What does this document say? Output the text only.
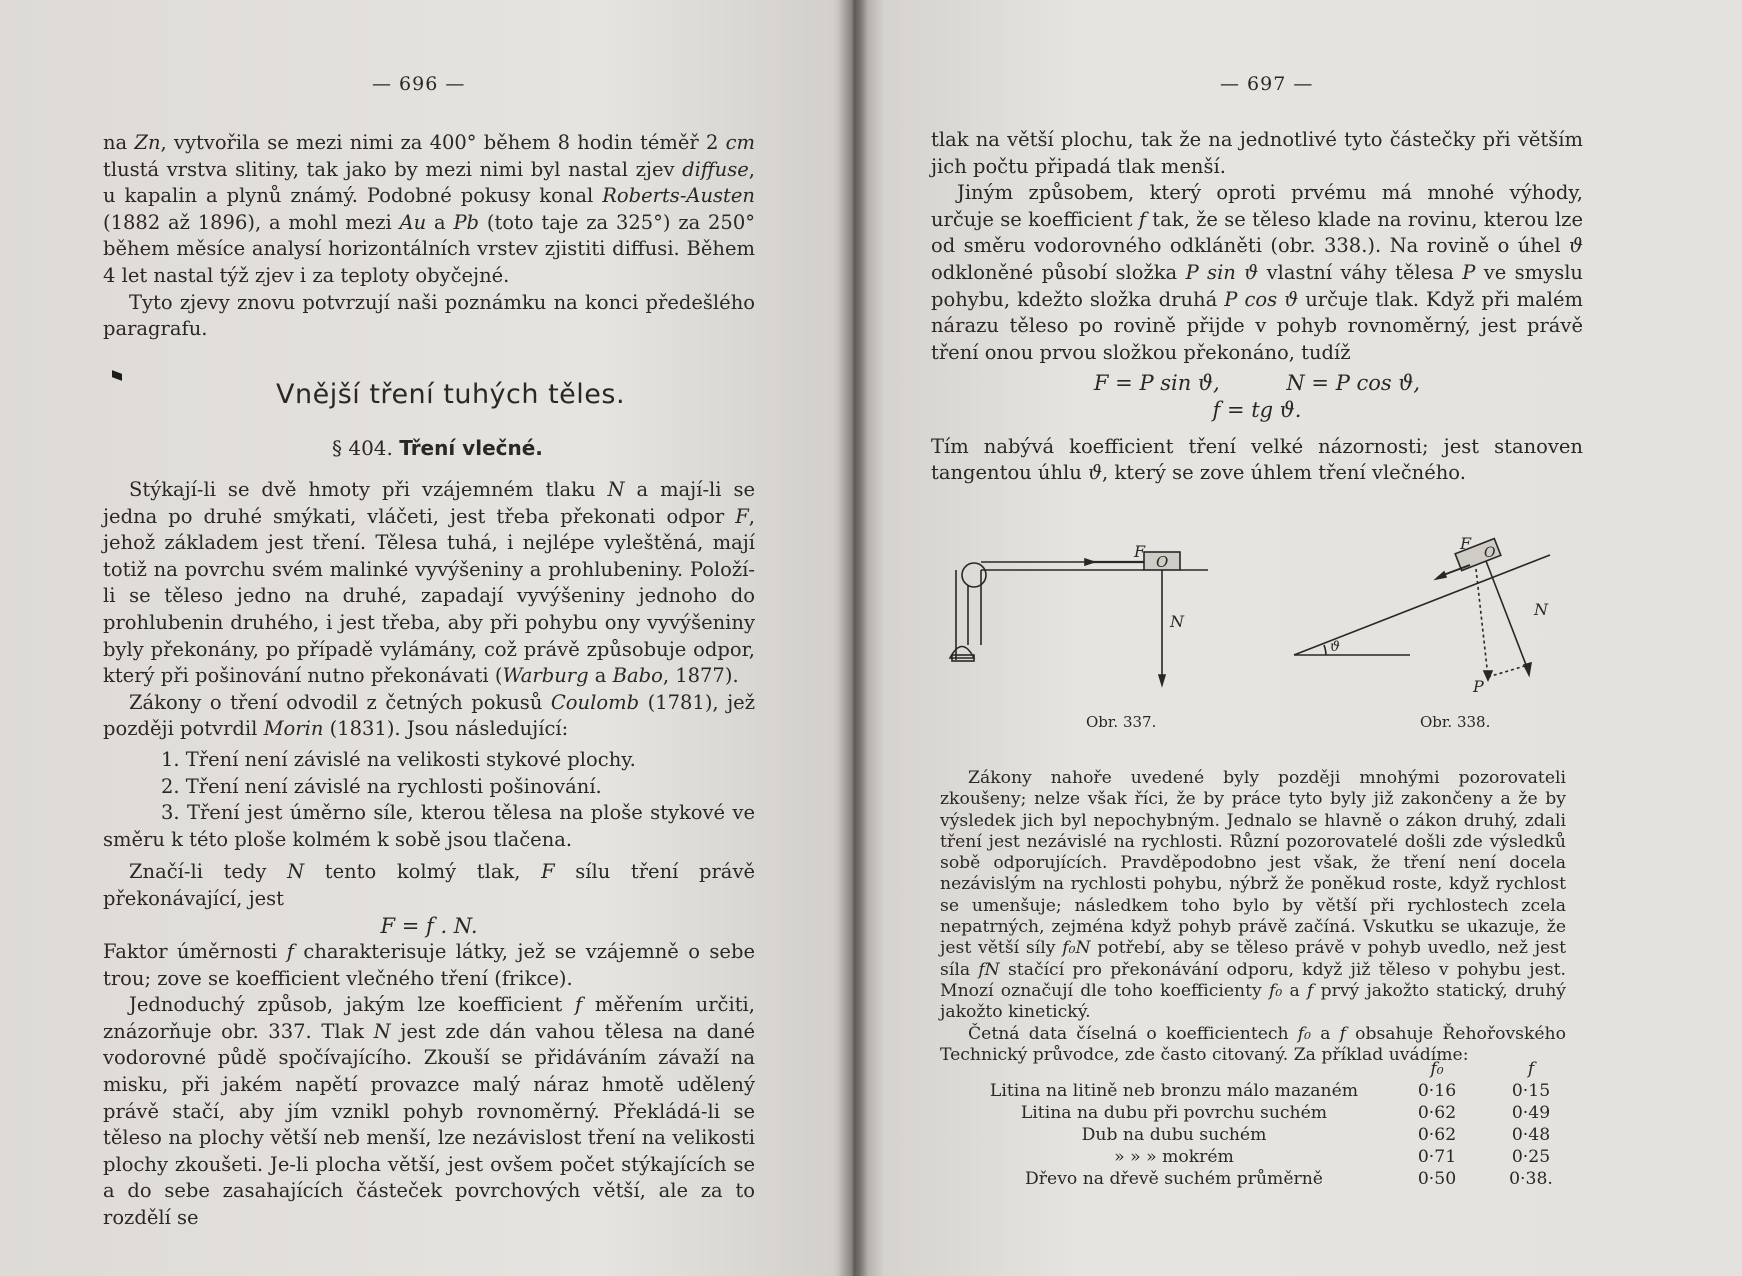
— 696 —

na Zn, vytvořila se mezi nimi za 400° během 8 hodin téměř 2 cm tlustá vrstva slitiny, tak jako by mezi nimi byl nastal zjev diffuse, u kapalin a plynů známý. Podobné pokusy konal Roberts-Austen (1882 až 1896), a mohl mezi Au a Pb (toto taje za 325°) za 250° během měsíce analysí horizontálních vrstev zjistiti diffusi. Během 4 let nastal týž zjev i za teploty obyčejné.

Tyto zjevy znovu potvrzují naši poznámku na konci předešlého paragrafu.

Vnější tření tuhých těles.
§ 404. Tření vlečné.

Stýkají-li se dvě hmoty při vzájemném tlaku N a mají-li se jedna po druhé smýkati, vláčeti, jest třeba překonati odpor F, jehož základem jest tření. Tělesa tuhá, i nejlépe vyleštěná, mají totiž na povrchu svém malinké vyvýšeniny a prohlubeniny. Položí-li se těleso jedno na druhé, zapadají vyvýšeniny jednoho do prohlubenin druhého, i jest třeba, aby při pohybu ony vyvýšeniny byly překonány, po případě vylámány, což právě způsobuje odpor, který při pošinování nutno překonávati (Warburg a Babo, 1877).

Zákony o tření odvodil z četných pokusů Coulomb (1781), jež později potvrdil Morin (1831). Jsou následující:

1. Tření není závislé na velikosti stykové plochy.

2. Tření není závislé na rychlosti pošinování.

3. Tření jest úměrno síle, kterou tělesa na ploše stykové ve směru k této ploše kolmém k sobě jsou tlačena.

Značí-li tedy N tento kolmý tlak, F sílu tření právě překonávající, jest

F = f . N.

Faktor úměrnosti f charakterisuje látky, jež se vzájemně o sebe trou; zove se koefficient vlečného tření (frikce).

Jednoduchý způsob, jakým lze koefficient f měřením určiti, znázorňuje obr. 337. Tlak N jest zde dán vahou tělesa na dané vodorovné půdě spočívajícího. Zkouší se přidáváním závaží na misku, při jakém napětí provazce malý náraz hmotě udělený právě stačí, aby jím vznikl pohyb rovnoměrný. Překládá-li se těleso na plochy větší neb menší, lze nezávislost tření na velikosti plochy zkoušeti. Je-li plocha větší, jest ovšem počet stýkajících se a do sebe zasahajících částeček povrchových větší, ale za to rozdělí se

— 697 —

tlak na větší plochu, tak že na jednotlivé tyto částečky při větším jich počtu připadá tlak menší.

Jiným způsobem, který oproti prvému má mnohé výhody, určuje se koefficient f tak, že se těleso klade na rovinu, kterou lze od směru vodorovného odkláněti (obr. 338.). Na rovině o úhel ϑ odkloněné působí složka P sin ϑ vlastní váhy tělesa P ve smyslu pohybu, kdežto složka druhá P cos ϑ určuje tlak. Když při malém nárazu těleso po rovině přijde v pohyb rovnoměrný, jest právě tření onou prvou složkou překonáno, tudíž

F = P sin ϑ,          N = P cos ϑ,

f = tg ϑ.

Tím nabývá koefficient tření velké názornosti; jest stanoven tangentou úhlu ϑ, který se zove úhlem tření vlečného.

F
O
N
Obr. 337.
F O
N
P
ϑ
Obr. 338.

Zákony nahoře uvedené byly později mnohými pozorovateli zkoušeny; nelze však říci, že by práce tyto byly již zakončeny a že by výsledek jich byl nepochybným. Jednalo se hlavně o zákon druhý, zdali tření jest nezávislé na rychlosti. Různí pozorovatelé došli zde výsledků sobě odporujících. Pravděpodobno jest však, že tření není docela nezávislým na rychlosti pohybu, nýbrž že poněkud roste, když rychlost se umenšuje; následkem toho bylo by větší při rychlostech zcela nepatrných, zejména když pohyb právě začíná. Vskutku se ukazuje, že jest větší síly f₀N potřebí, aby se těleso právě v pohyb uvedlo, než jest síla fN stačící pro překonávání odporu, když již těleso v pohybu jest. Mnozí označují dle toho koefficienty f₀ a f prvý jakožto statický, druhý jakožto kinetický.

Četná data číselná o koefficientech f₀ a f obsahuje Řehořovského Technický průvodce, zde často citovaný. Za příklad uvádíme:

	f₀	f
Litina na litině neb bronzu málo mazaném	0·16	0·15
Litina na dubu při povrchu suchém	0·62	0·49
Dub na dubu suchém	0·62	0·48
» » » mokrém	0·71	0·25
Dřevo na dřevě suchém průměrně	0·50	0·38.
